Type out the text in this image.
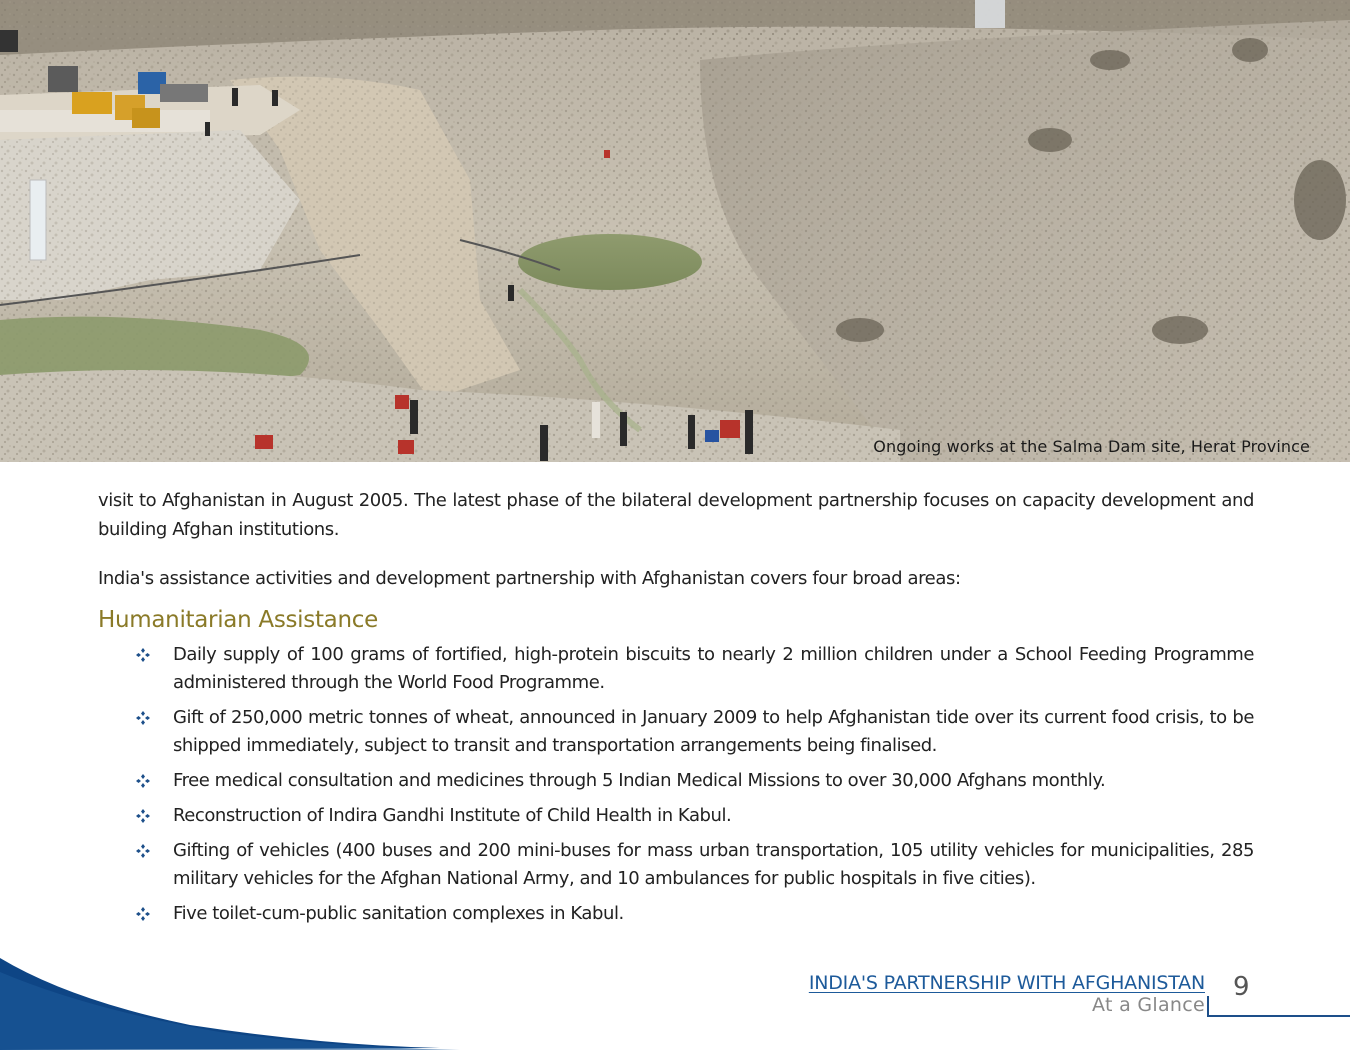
Ongoing works at the Salma Dam site, Herat Province

visit to Afghanistan in August 2005. The latest phase of the bilateral development partnership focuses on capacity development and building Afghan institutions.

India's assistance activities and development partnership with Afghanistan covers four broad areas:

Humanitarian Assistance
Daily supply of 100 grams of fortified, high-protein biscuits to nearly 2 million children under a School Feeding Programme administered through the World Food Programme.
Gift of 250,000 metric tonnes of wheat, announced in January 2009 to help Afghanistan tide over its current food crisis, to be shipped immediately, subject to transit and transportation arrangements being finalised.
Free medical consultation and medicines through 5 Indian Medical Missions to over 30,000 Afghans monthly.
Reconstruction of Indira Gandhi Institute of Child Health in Kabul.
Gifting of vehicles (400 buses and 200 mini-buses for mass urban transportation, 105 utility vehicles for municipalities, 285 military vehicles for the Afghan National Army, and 10 ambulances for public hospitals in five cities).
Five toilet-cum-public sanitation complexes in Kabul.
INDIA'S PARTNERSHIP WITH AFGHANISTAN
At a Glance
9
